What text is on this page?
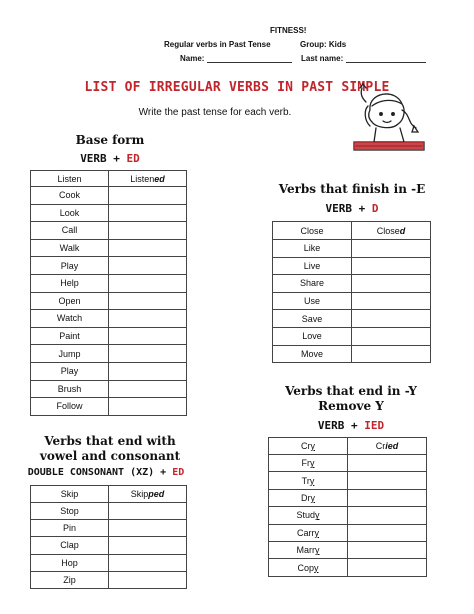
FITNESS!
Regular verbs in Past Tense	Group: Kids
Name:	Last name:
LIST OF IRREGULAR VERBS IN PAST SIMPLE
Write the past tense for each verb.
Base form
VERB + ED
Listen	Listened
Cook	
Look	
Call	
Walk	
Play	
Help	
Open	
Watch	
Paint	
Jump	
Play	
Brush	
Follow	
Verbs that finish in -E
VERB + D
Close	Closed
Like	
Live	
Share	
Use	
Save	
Love	
Move	
Verbs that end with
vowel and consonant
DOUBLE CONSONANT (XZ) + ED
Skip	Skipped
Stop	
Pin	
Clap	
Hop	
Zip	
Verbs that end in -Y
Remove Y
VERB + IED
Cry	Cried
Fry	
Try	
Dry	
Study	
Carry	
Marry	
Copy	
